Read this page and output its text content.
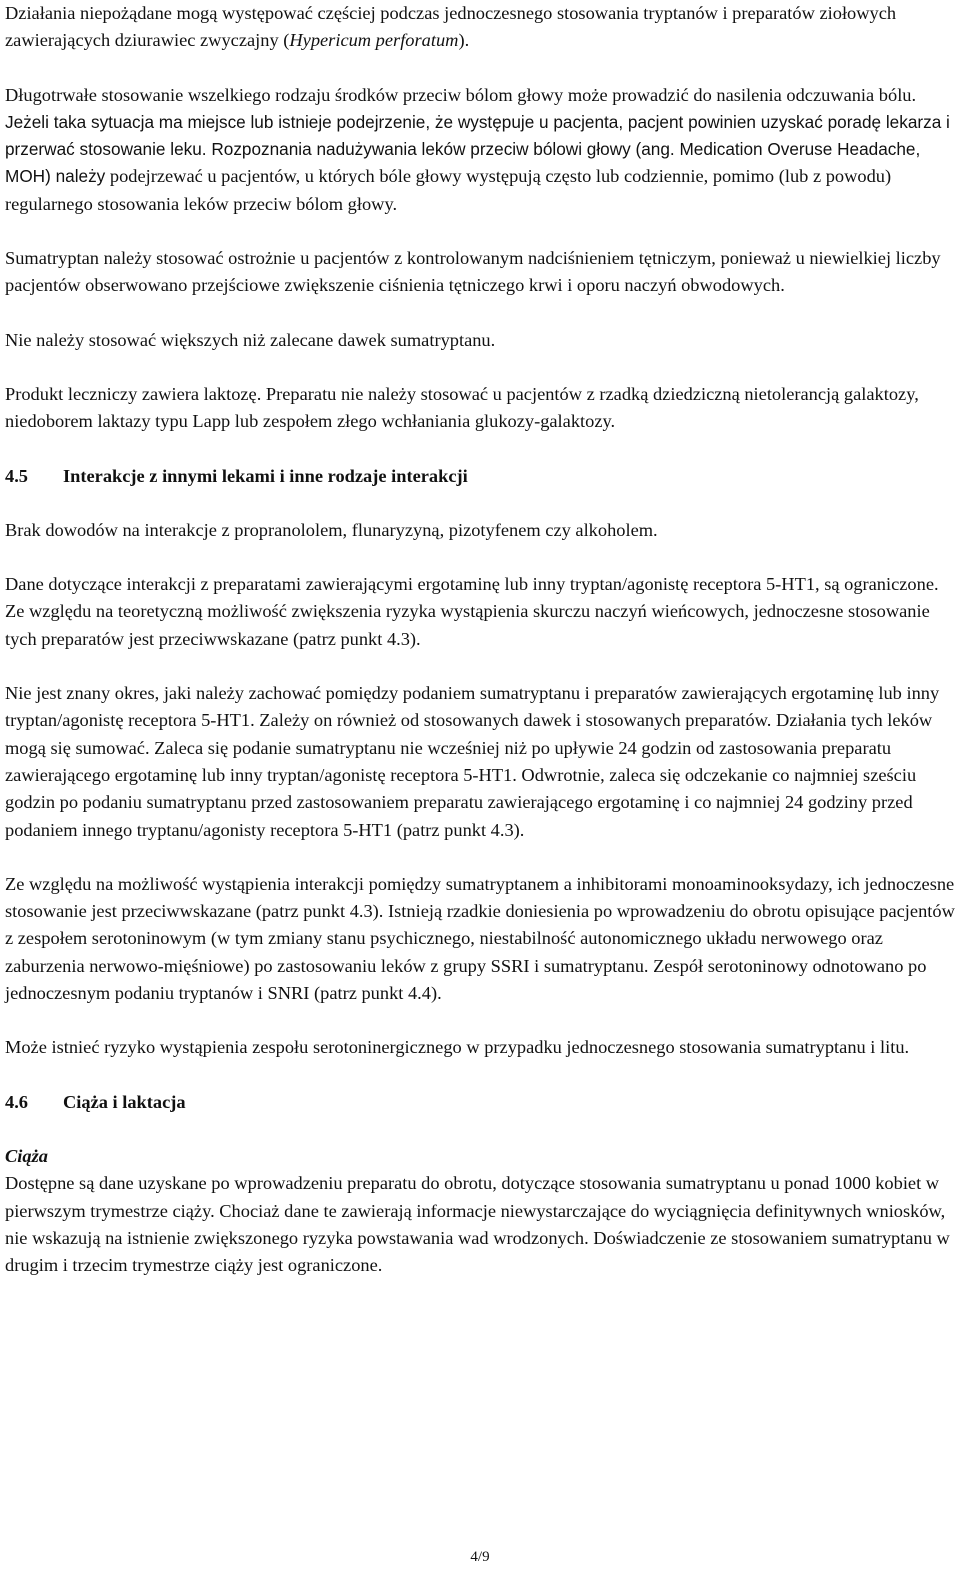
Działania niepożądane mogą występować częściej podczas jednoczesnego stosowania tryptanów i preparatów ziołowych zawierających dziurawiec zwyczajny (Hypericum perforatum).

Długotrwałe stosowanie wszelkiego rodzaju środków przeciw bólom głowy może prowadzić do nasilenia odczuwania bólu. Jeżeli taka sytuacja ma miejsce lub istnieje podejrzenie, że występuje u pacjenta, pacjent powinien uzyskać poradę lekarza i przerwać stosowanie leku. Rozpoznania nadużywania leków przeciw bólowi głowy (ang. Medication Overuse Headache, MOH) należy podejrzewać u pacjentów, u których bóle głowy występują często lub codziennie, pomimo (lub z powodu) regularnego stosowania leków przeciw bólom głowy.

Sumatryptan należy stosować ostrożnie u pacjentów z kontrolowanym nadciśnieniem tętniczym, ponieważ u niewielkiej liczby pacjentów obserwowano przejściowe zwiększenie ciśnienia tętniczego krwi i oporu naczyń obwodowych.

Nie należy stosować większych niż zalecane dawek sumatryptanu.

Produkt leczniczy zawiera laktozę. Preparatu nie należy stosować u pacjentów z rzadką dziedziczną nietolerancją galaktozy, niedoborem laktazy typu Lapp lub zespołem złego wchłaniania glukozy-galaktozy.

4.5 Interakcje z innymi lekami i inne rodzaje interakcji

Brak dowodów na interakcje z propranololem, flunaryzyną, pizotyfenem czy alkoholem.

Dane dotyczące interakcji z preparatami zawierającymi ergotaminę lub inny tryptan/agonistę receptora 5-HT1, są ograniczone. Ze względu na teoretyczną możliwość zwiększenia ryzyka wystąpienia skurczu naczyń wieńcowych, jednoczesne stosowanie tych preparatów jest przeciwwskazane (patrz punkt 4.3).

Nie jest znany okres, jaki należy zachować pomiędzy podaniem sumatryptanu i preparatów zawierających ergotaminę lub inny tryptan/agonistę receptora 5-HT1. Zależy on również od stosowanych dawek i stosowanych preparatów. Działania tych leków mogą się sumować. Zaleca się podanie sumatryptanu nie wcześniej niż po upływie 24 godzin od zastosowania preparatu zawierającego ergotaminę lub inny tryptan/agonistę receptora 5-HT1. Odwrotnie, zaleca się odczekanie co najmniej sześciu godzin po podaniu sumatryptanu przed zastosowaniem preparatu zawierającego ergotaminę i co najmniej 24 godziny przed podaniem innego tryptanu/agonisty receptora 5-HT1 (patrz punkt 4.3).

Ze względu na możliwość wystąpienia interakcji pomiędzy sumatryptanem a inhibitorami monoaminooksydazy, ich jednoczesne stosowanie jest przeciwwskazane (patrz punkt 4.3). Istnieją rzadkie doniesienia po wprowadzeniu do obrotu opisujące pacjentów z zespołem serotoninowym (w tym zmiany stanu psychicznego, niestabilność autonomicznego układu nerwowego oraz zaburzenia nerwowo-mięśniowe) po zastosowaniu leków z grupy SSRI i sumatryptanu. Zespół serotoninowy odnotowano po jednoczesnym podaniu tryptanów i SNRI (patrz punkt 4.4).

Może istnieć ryzyko wystąpienia zespołu serotoninergicznego w przypadku jednoczesnego stosowania sumatryptanu i litu.

4.6 Ciąża i laktacja

Ciąża

Dostępne są dane uzyskane po wprowadzeniu preparatu do obrotu, dotyczące stosowania sumatryptanu u ponad 1000 kobiet w pierwszym trymestrze ciąży. Chociaż dane te zawierają informacje niewystarczające do wyciągnięcia definitywnych wniosków, nie wskazują na istnienie zwiększonego ryzyka powstawania wad wrodzonych. Doświadczenie ze stosowaniem sumatryptanu w drugim i trzecim trymestrze ciąży jest ograniczone.

4/9
